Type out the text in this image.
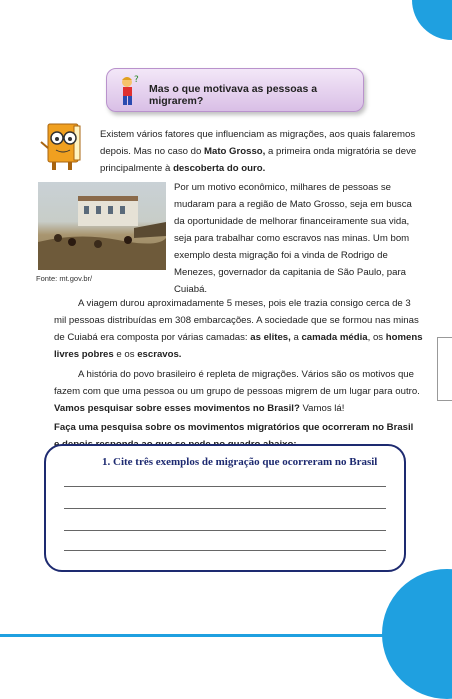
?
Mas o que motivava as pessoas a migrarem?
Existem vários fatores que influenciam as migrações, aos quais falaremos
depois. Mas no caso do Mato Grosso, a primeira onda migratória se deve
principalmente à descoberta do ouro.
Fonte: mt.gov.br/
Por um motivo econômico, milhares de pessoas se
mudaram para a região de Mato Grosso, seja em busca
da oportunidade de melhorar financeiramente sua vida,
seja para trabalhar como escravos nas minas. Um bom
exemplo desta migração foi a vinda de Rodrigo de
Menezes, governador da capitania de São Paulo, para
Cuiabá.
A viagem durou aproximadamente 5 meses, pois ele trazia consigo cerca de 3
mil pessoas distribuídas em 308 embarcações. A sociedade que se formou nas minas
de Cuiabá era composta por várias camadas: as elites, a camada média, os homens
livres pobres e os escravos.
A história do povo brasileiro é repleta de migrações. Vários são os motivos que
fazem com que uma pessoa ou um grupo de pessoas migrem de um lugar para outro.
Vamos pesquisar sobre esses movimentos no Brasil? Vamos lá!
Faça uma pesquisa sobre os movimentos migratórios que ocorreram no Brasil
1. Cite três exemplos de migração que ocorreram no Brasil
